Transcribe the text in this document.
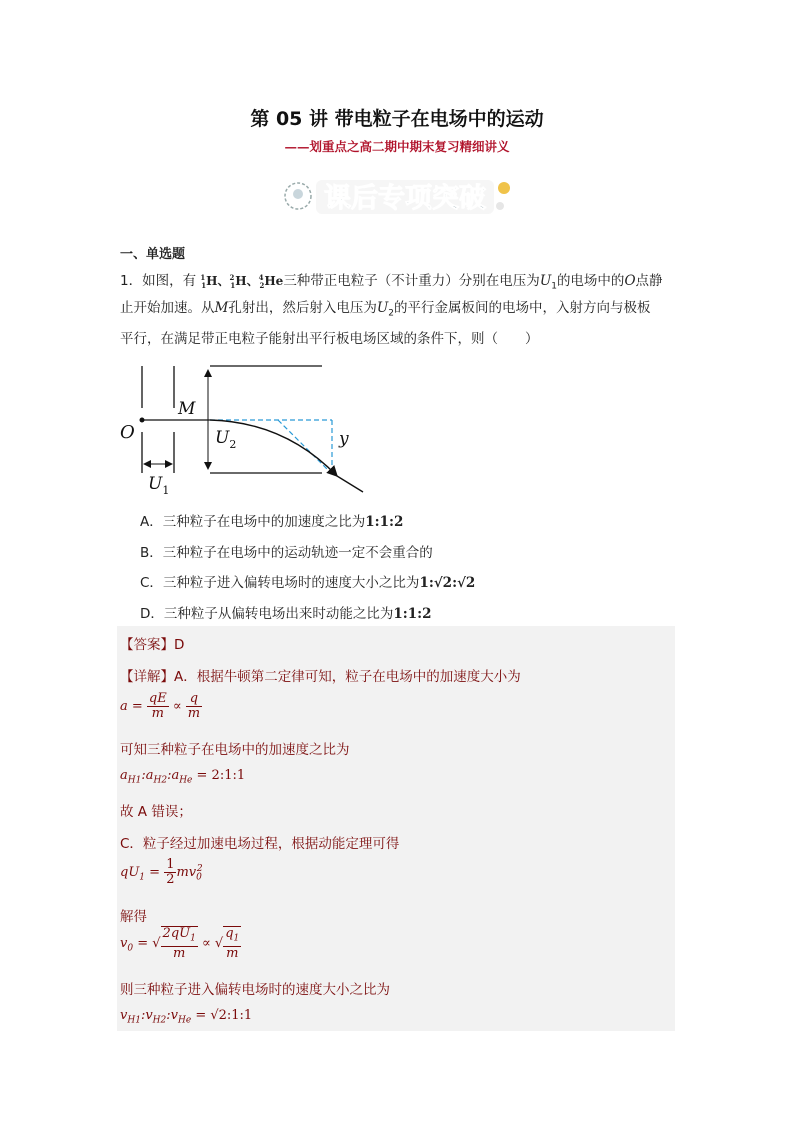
第 05 讲 带电粒子在电场中的运动
——划重点之高二期中期末复习精细讲义
课后专项突破
一、单选题
1．如图，有 $^1_1$H、$^2_1$H、$^4_2$He三种带正电粒子（不计重力）分别在电压为$U_1$的电场中的O点静
止开始加速。从M孔射出，然后射入电压为$U_2$的平行金属板间的电场中，入射方向与极板
平行，在满足带正电粒子能射出平行板电场区域的条件下，则（　　）
O
M
$U_2$	y
$U_1$
A．三种粒子在电场中的加速度之比为1:1:2
B．三种粒子在电场中的运动轨迹一定不会重合的
C．三种粒子进入偏转电场时的速度大小之比为1:√2:√2
D．三种粒子从偏转电场出来时动能之比为1:1:2
【答案】D
【详解】A．根据牛顿第二定律可知，粒子在电场中的加速度大小为
$a = \frac{qE}{m} \propto \frac{q}{m}$
可知三种粒子在电场中的加速度之比为
$a_{H1}:a_{H2}:a_{He}$ = 2:1:1
故 A 错误；
C．粒子经过加速电场过程，根据动能定理可得
$qU_1 = \frac{1}{2} mv_0^2$
解得
$v_0$ = √ $\frac{2qU_1}{m}$ ∝ √ $\frac{q_1}{m}$
则三种粒子进入偏转电场时的速度大小之比为
$v_{H1}:v_{H2}:v_{He}$ = √2:1:1
